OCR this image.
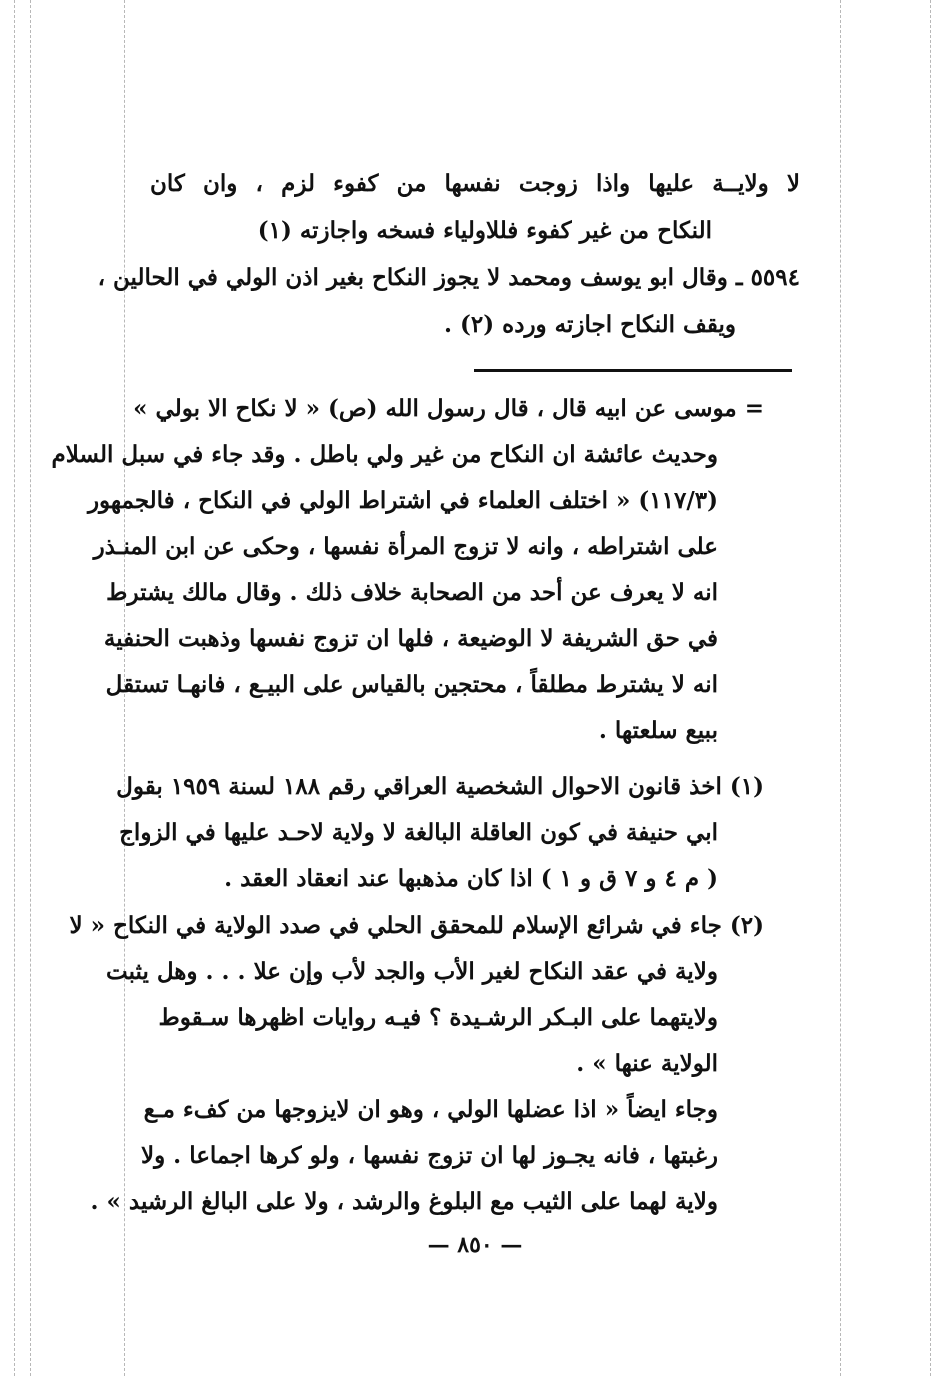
لا ولايــة عليها واذا زوجت نفسها من كفوء لزم ، وان كان
النكاح من غير كفوء فللاولياء فسخه واجازته (١)
٥٥٩٤ ـ وقال ابو يوسف ومحمد لا يجوز النكاح بغير اذن الولي في الحالين ،
ويقف النكاح اجازته ورده (٢) .
= موسى عن ابيه قال ، قال رسول الله (ص) « لا نكاح الا بولي »
وحديث عائشة ان النكاح من غير ولي باطل . وقد جاء في سبل السلام
(١١٧/٣) « اختلف العلماء في اشتراط الولي في النكاح ، فالجمهور
على اشتراطه ، وانه لا تزوج المرأة نفسها ، وحكى عن ابن المنـذر
انه لا يعرف عن أحد من الصحابة خلاف ذلك . وقال مالك يشترط
في حق الشريفة لا الوضيعة ، فلها ان تزوج نفسها وذهبت الحنفية
انه لا يشترط مطلقاً ، محتجين بالقياس على البيـع ، فانهـا تستقل
ببيع سلعتها .
(١) اخذ قانون الاحوال الشخصية العراقي رقم ١٨٨ لسنة ١٩٥٩ بقول
ابي حنيفة في كون العاقلة البالغة لا ولاية لاحـد عليها في الزواج
( م ٤ و ٧ ق و ١ ) اذا كان مذهبها عند انعقاد العقد .
(٢) جاء في شرائع الإسلام للمحقق الحلي في صدد الولاية في النكاح « لا
ولاية في عقد النكاح لغير الأب والجد لأب وإن علا . . . وهل يثبت
ولايتهما على البـكر الرشـيدة ؟ فيـه روايات اظهرها سـقوط
الولاية عنها » .
وجاء ايضاً « اذا عضلها الولي ، وهو ان لايزوجها من كفء مـع
رغبتها ، فانه يجـوز لها ان تزوج نفسها ، ولو كرها اجماعا . ولا
ولاية لهما على الثيب مع البلوغ والرشد ، ولا على البالغ الرشيد » .
— ٨٥٠ —
